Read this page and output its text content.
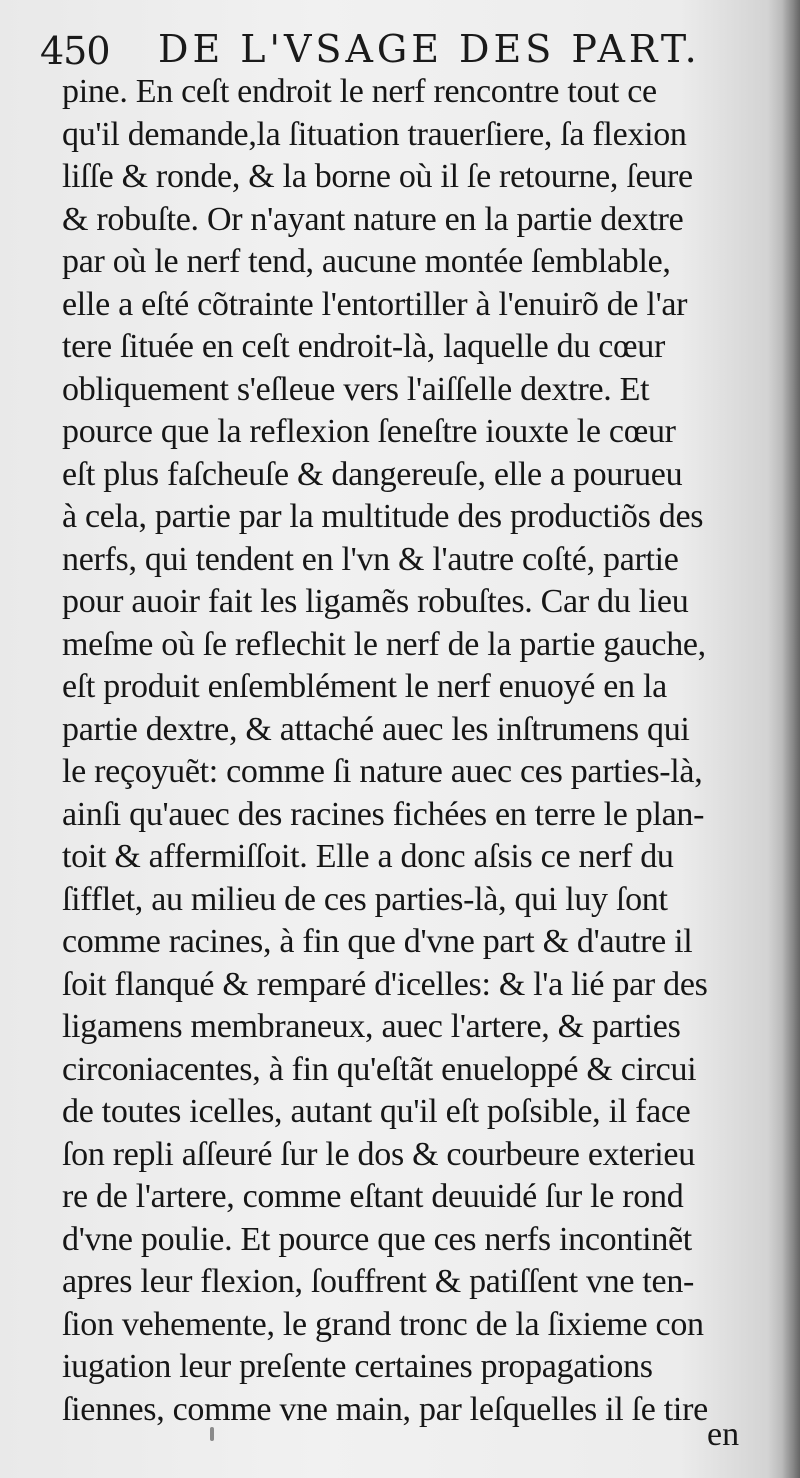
450 DE L'VSAGE DES PART.
pine. En ceſt endroit le nerf rencontre tout ce
qu'il demande,la ſituation trauerſiere, ſa flexion
liſſe & ronde, & la borne où il ſe retourne, ſeure
& robuſte. Or n'ayant nature en la partie dextre
par où le nerf tend, aucune montée ſemblable,
elle a eſté cõtrainte l'entortiller à l'enuirõ de l'ar
tere ſituée en ceſt endroit-là, laquelle du cœur
obliquement s'eſleue vers l'aiſſelle dextre. Et
pource que la reflexion ſeneſtre iouxte le cœur
eſt plus faſcheuſe & dangereuſe, elle a pourueu
à cela, partie par la multitude des productiõs des
nerfs, qui tendent en l'vn & l'autre coſté, partie
pour auoir fait les ligamẽs robuſtes. Car du lieu
meſme où ſe reflechit le nerf de la partie gauche,
eſt produit enſemblément le nerf enuoyé en la
partie dextre, & attaché auec les inſtrumens qui
le reçoyuẽt: comme ſi nature auec ces parties-là,
ainſi qu'auec des racines fichées en terre le plan-
toit & affermiſſoit. Elle a donc aſsis ce nerf du
ſifflet, au milieu de ces parties-là, qui luy ſont
comme racines, à fin que d'vne part & d'autre il
ſoit flanqué & remparé d'icelles: & l'a lié par des
ligamens membraneux, auec l'artere, & parties
circoniacentes, à fin qu'eſtãt enueloppé & circui
de toutes icelles, autant qu'il eſt poſsible, il face
ſon repli aſſeuré ſur le dos & courbeure exterieu
re de l'artere, comme eſtant deuuidé ſur le rond
d'vne poulie. Et pource que ces nerfs incontinẽt
apres leur flexion, ſouffrent & patiſſent vne ten-
ſion vehemente, le grand tronc de la ſixieme con
iugation leur preſente certaines propagations
ſiennes, comme vne main, par leſquelles il ſe tire
en
